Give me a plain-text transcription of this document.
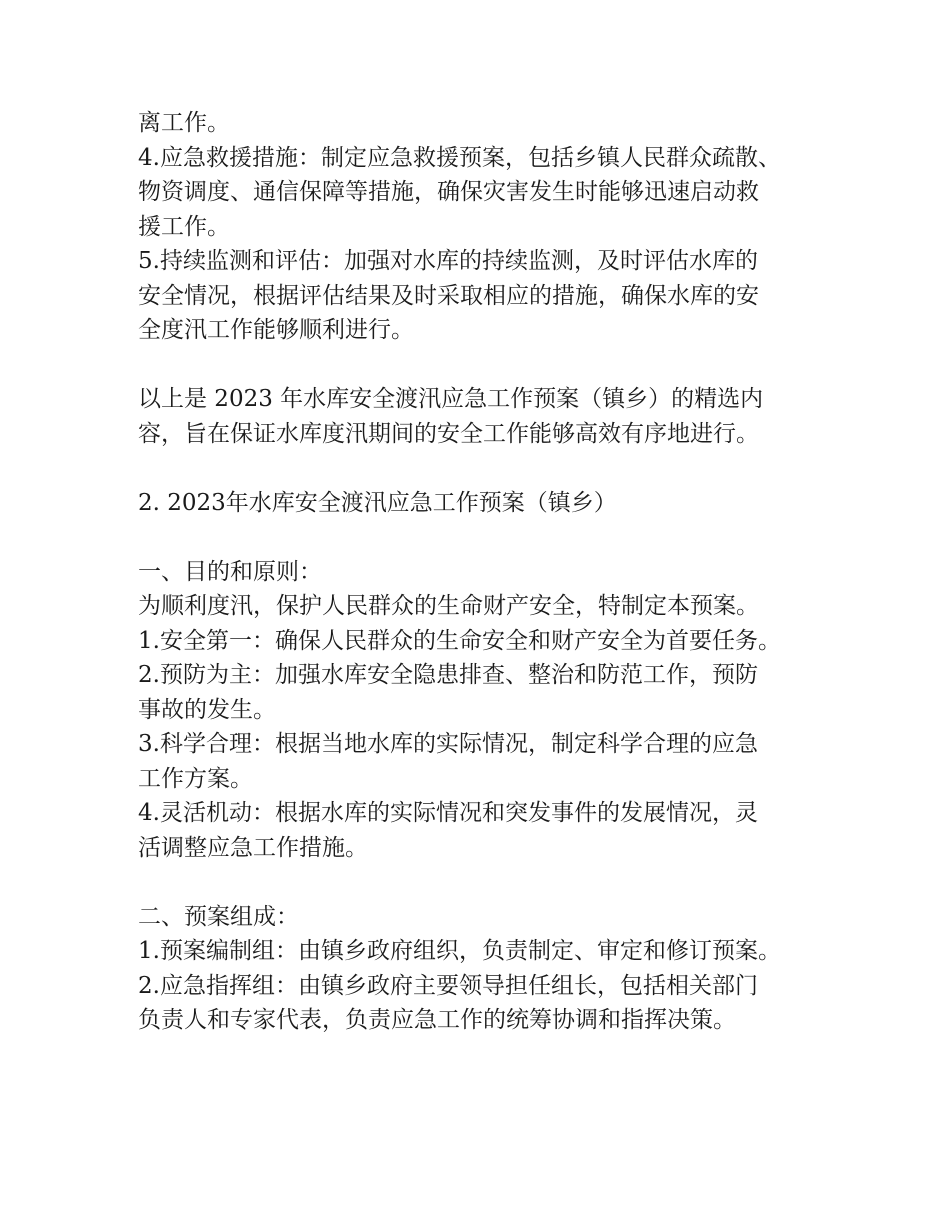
离工作。
4.应急救援措施：制定应急救援预案，包括乡镇人民群众疏散、
物资调度、通信保障等措施，确保灾害发生时能够迅速启动救
援工作。
5.持续监测和评估：加强对水库的持续监测，及时评估水库的
安全情况，根据评估结果及时采取相应的措施，确保水库的安
全度汛工作能够顺利进行。
以上是 2023 年水库安全渡汛应急工作预案（镇乡）的精选内
容，旨在保证水库度汛期间的安全工作能够高效有序地进行。
2. 2023年水库安全渡汛应急工作预案（镇乡）
一、目的和原则：
为顺利度汛，保护人民群众的生命财产安全，特制定本预案。
1.安全第一：确保人民群众的生命安全和财产安全为首要任务。
2.预防为主：加强水库安全隐患排查、整治和防范工作，预防
事故的发生。
3.科学合理：根据当地水库的实际情况，制定科学合理的应急
工作方案。
4.灵活机动：根据水库的实际情况和突发事件的发展情况，灵
活调整应急工作措施。
二、预案组成：
1.预案编制组：由镇乡政府组织，负责制定、审定和修订预案。
2.应急指挥组：由镇乡政府主要领导担任组长，包括相关部门
负责人和专家代表，负责应急工作的统筹协调和指挥决策。
